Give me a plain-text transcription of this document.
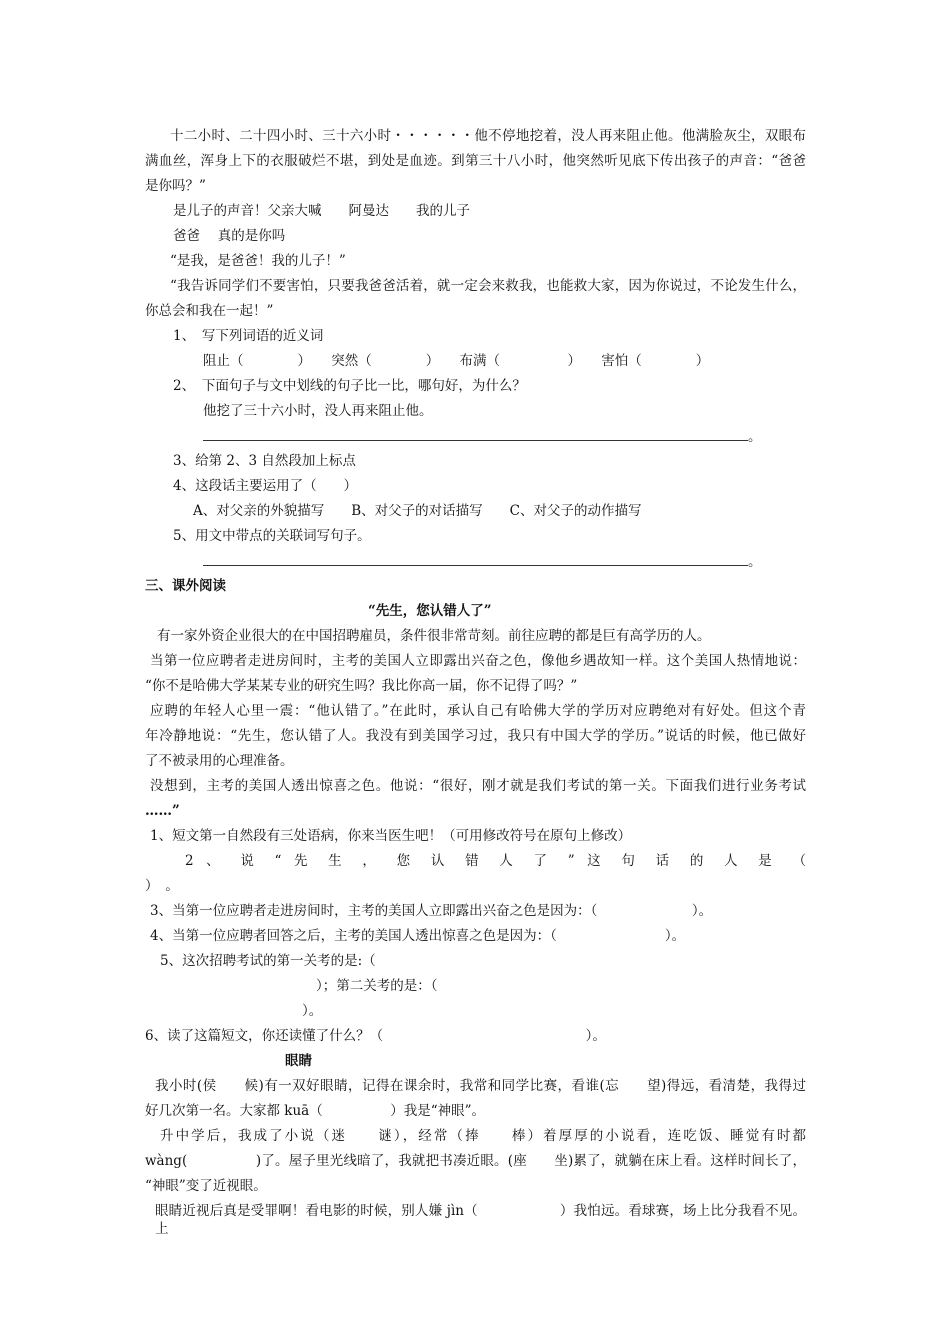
十二小时、二十四小时、三十六小时・・・・・・他不停地挖着，没人再来阻止他。他满脸灰尘，双眼布
满血丝，浑身上下的衣服破烂不堪，到处是血迹。到第三十八小时，他突然听见底下传出孩子的声音：“爸爸
是你吗？”
是儿子的声音！父亲大喊　　阿曼达　　我的儿子
爸爸　 真的是你吗
“是我，是爸爸！我的儿子！”
“我告诉同学们不要害怕，只要我爸爸活着，就一定会来救我，也能救大家，因为你说过，不论发生什么，
你总会和我在一起！”
1、　写下列词语的近义词
阻止（　　　　）　　突然（　　　　）　　布满（　　　　　）　　害怕（　　　　）
2、　下面句子与文中划线的句子比一比，哪句好，为什么？
他挖了三十六小时，没人再来阻止他。
。
3、给第 2、3 自然段加上标点
4、这段话主要运用了（　　）
A、对父亲的外貌描写　　B、对父子的对话描写　　C、对父子的动作描写
5、用文中带点的关联词写句子。
。
三、课外阅读
“先生，您认错人了”
有一家外资企业很大的在中国招聘雇员，条件很非常苛刻。前往应聘的都是巨有高学历的人。
当第一位应聘者走进房间时，主考的美国人立即露出兴奋之色，像他乡遇故知一样。这个美国人热情地说：
“你不是哈佛大学某某专业的研究生吗？我比你高一届，你不记得了吗？”
应聘的年轻人心里一震：“他认错了。”在此时，承认自己有哈佛大学的学历对应聘绝对有好处。但这个青
年冷静地说：“先生，您认错了人。我没有到美国学习过，我只有中国大学的学历。”说话的时候，他已做好
了不被录用的心理准备。
没想到，主考的美国人透出惊喜之色。他说：“很好，刚才就是我们考试的第一关。下面我们进行业务考试
……”
1、短文第一自然段有三处语病，你来当医生吧！（可用修改符号在原句上修改）
2 、 说 “ 先 生 ， 您 认 错 人 了 ” 这 句 话 的 人 是 （
）　。
3、当第一位应聘者走进房间时，主考的美国人立即露出兴奋之色是因为：（　　　　　　　）。
4、当第一位应聘者回答之后，主考的美国人透出惊喜之色是因为：（　　　　　　　　）。
5、这次招聘考试的第一关考的是:（
）；第二关考的是：（
）。
6、读了这篇短文，你还读懂了什么？（　　　　　　　　　　　　　　　）。
眼睛
我小时(侯　　候)有一双好眼睛，记得在课余时，我常和同学比赛，看谁(忘　　望)得远，看清楚，我得过
好几次第一名。大家都 kuā（　　　　　）我是“神眼”。
升中学后，我成了小说（迷　　谜），经常（捧　　棒）着厚厚的小说看，连吃饭、睡觉有时都
wàng(　　　　　)了。屋子里光线暗了，我就把书凑近眼。(座　　坐)累了，就躺在床上看。这样时间长了，
“神眼”变了近视眼。
眼睛近视后真是受罪啊！看电影的时候，别人嫌 jìn（　　　　　　）我怕远。看球赛，场上比分我看不见。上
